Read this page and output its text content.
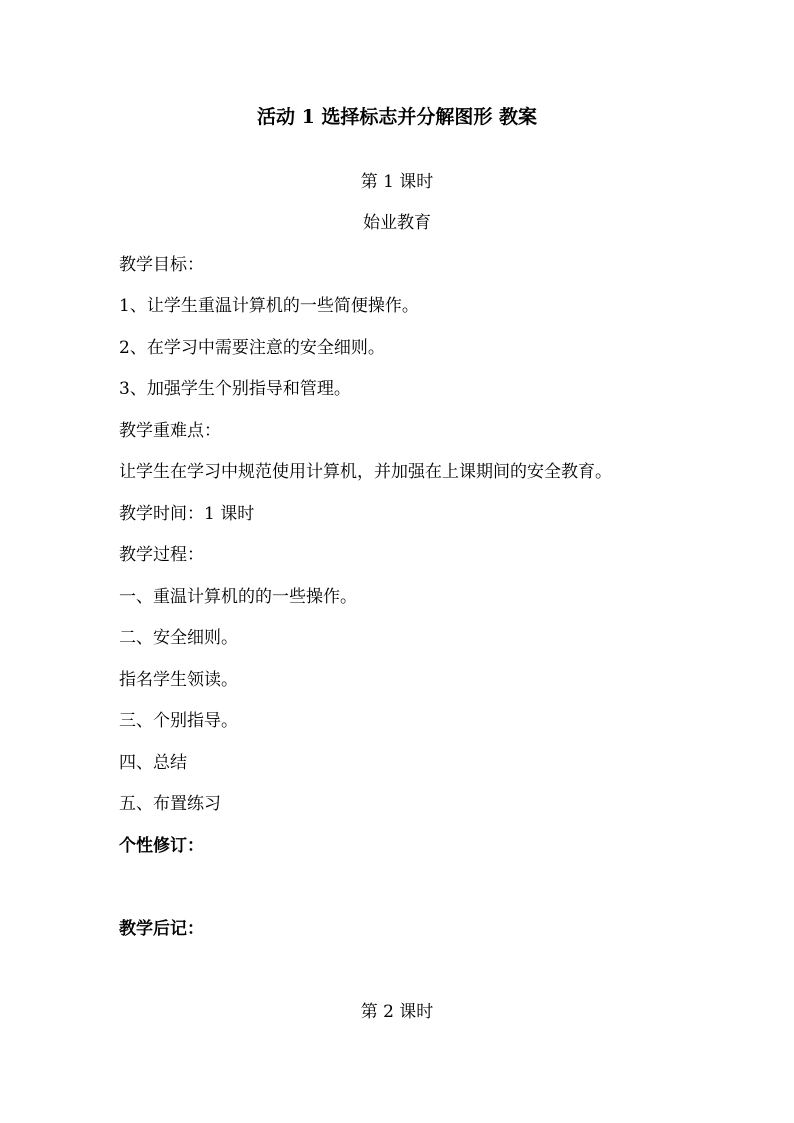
活动 1 选择标志并分解图形 教案
第 1 课时
始业教育
教学目标：
1、让学生重温计算机的一些简便操作。
2、在学习中需要注意的安全细则。
3、加强学生个别指导和管理。
教学重难点：
让学生在学习中规范使用计算机，并加强在上课期间的安全教育。
教学时间：1 课时
教学过程：
一、重温计算机的的一些操作。
二、安全细则。
指名学生领读。
三、个别指导。
四、总结
五、布置练习
个性修订：
教学后记：
第 2 课时
